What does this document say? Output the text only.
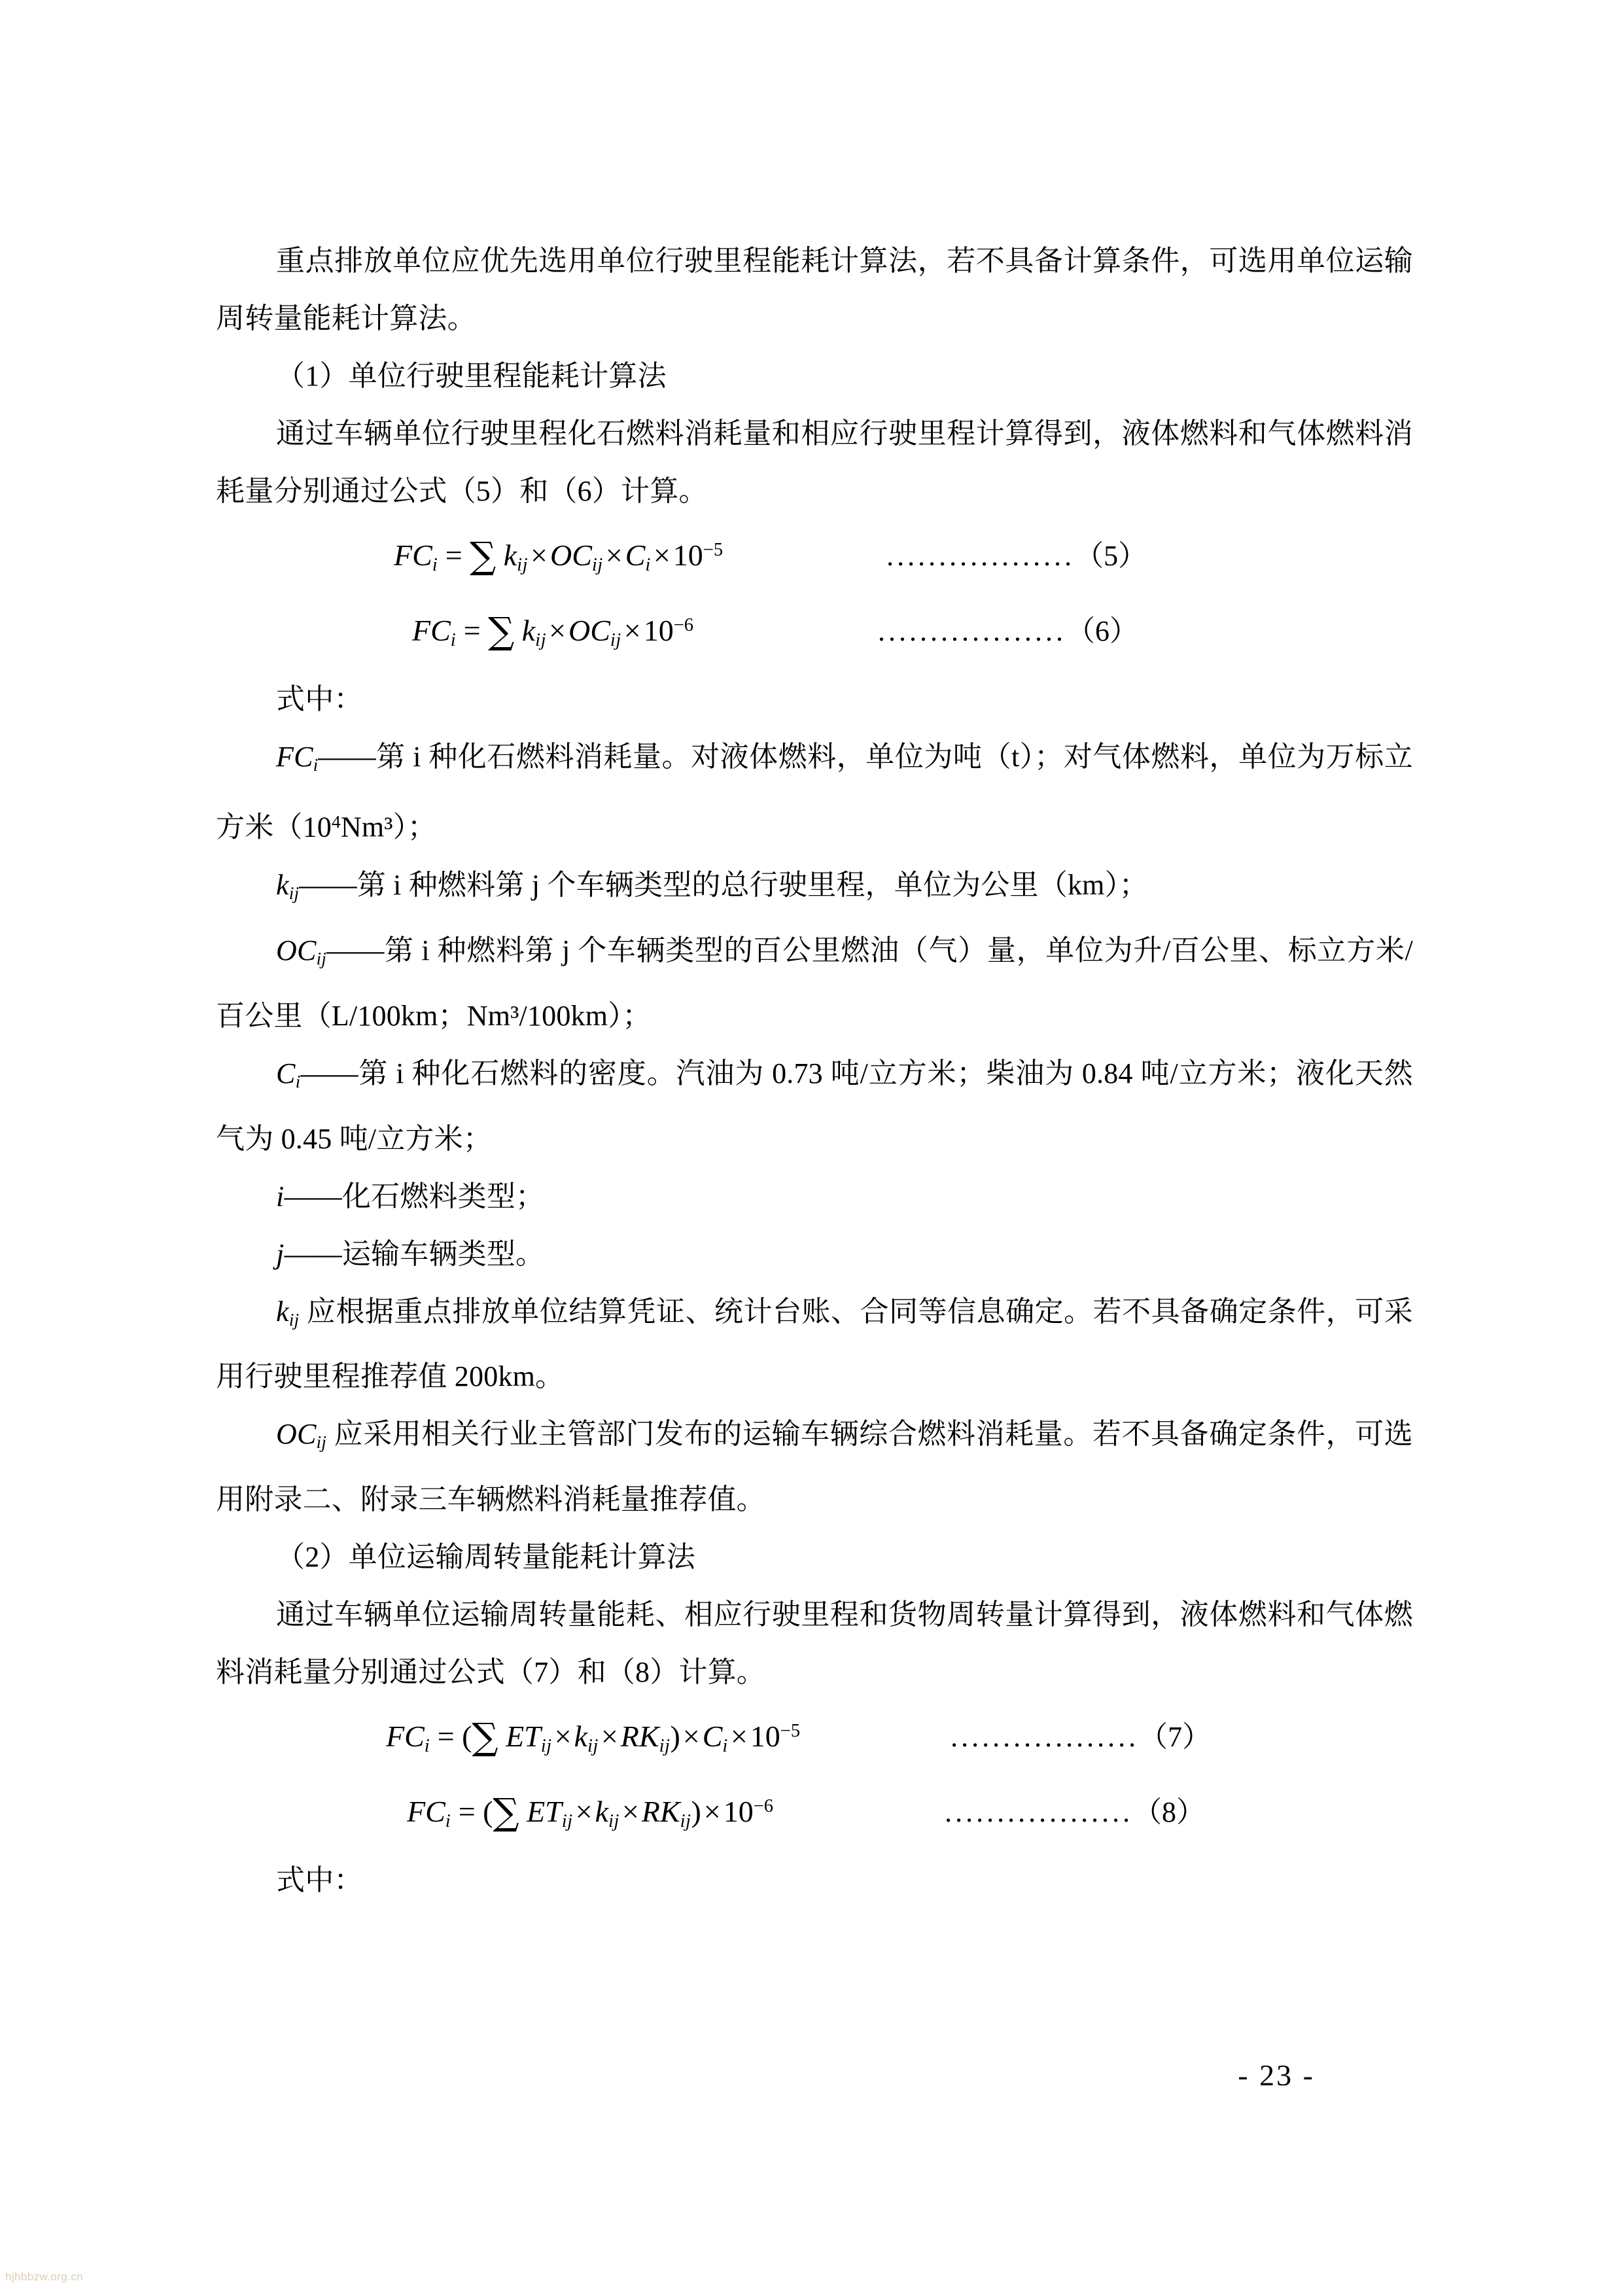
重点排放单位应优先选用单位行驶里程能耗计算法，若不具备计算条件，可选用单位运输周转量能耗计算法。

（1）单位行驶里程能耗计算法

通过车辆单位行驶里程化石燃料消耗量和相应行驶里程计算得到，液体燃料和气体燃料消耗量分别通过公式（5）和（6）计算。

$FC_i$ = ∑ $k_{ij}\times OC_{ij}\times C_i\times 10^{-5}$	.................. （5）
$FC_i$ = ∑ $k_{ij}\times OC_{ij}\times 10^{-6}$	.................. （6）

式中：

$FC_i——$第 i 种化石燃料消耗量。对液体燃料，单位为吨（t）；对气体燃料，单位为万标立方米$(10^4Nm^3)$；

$k_{ij}——$第 i 种燃料第 j 个车辆类型的总行驶里程，单位为公里（km）；

$OC_{ij}——$第 i 种燃料第 j 个车辆类型的百公里燃油（气）量，单位为升/百公里、标立方米/百公里（L/100km；Nm³/100km）；

$C_i——$第 i 种化石燃料的密度。汽油为 0.73 吨/立方米；柴油为 0.84 吨/立方米；液化天然气为 0.45 吨/立方米；

i——化石燃料类型；

j——运输车辆类型。

$k_{ij}$ 应根据重点排放单位结算凭证、统计台账、合同等信息确定。若不具备确定条件，可采用行驶里程推荐值 200km。

$OC_{ij}$ 应采用相关行业主管部门发布的运输车辆综合燃料消耗量。若不具备确定条件，可选用附录二、附录三车辆燃料消耗量推荐值。

（2）单位运输周转量能耗计算法

通过车辆单位运输周转量能耗、相应行驶里程和货物周转量计算得到，液体燃料和气体燃料消耗量分别通过公式（7）和（8）计算。

$FC_i$ = (∑ $ET_{ij}\times k_{ij}\times RK_{ij})\times C_i\times 10^{-5}$	.................. （7）
$FC_i$ = (∑ $ET_{ij}\times k_{ij}\times RK_{ij})\times 10^{-6}$	.................. （8）

式中：

- 23 -
hjhbbzw.org.cn
